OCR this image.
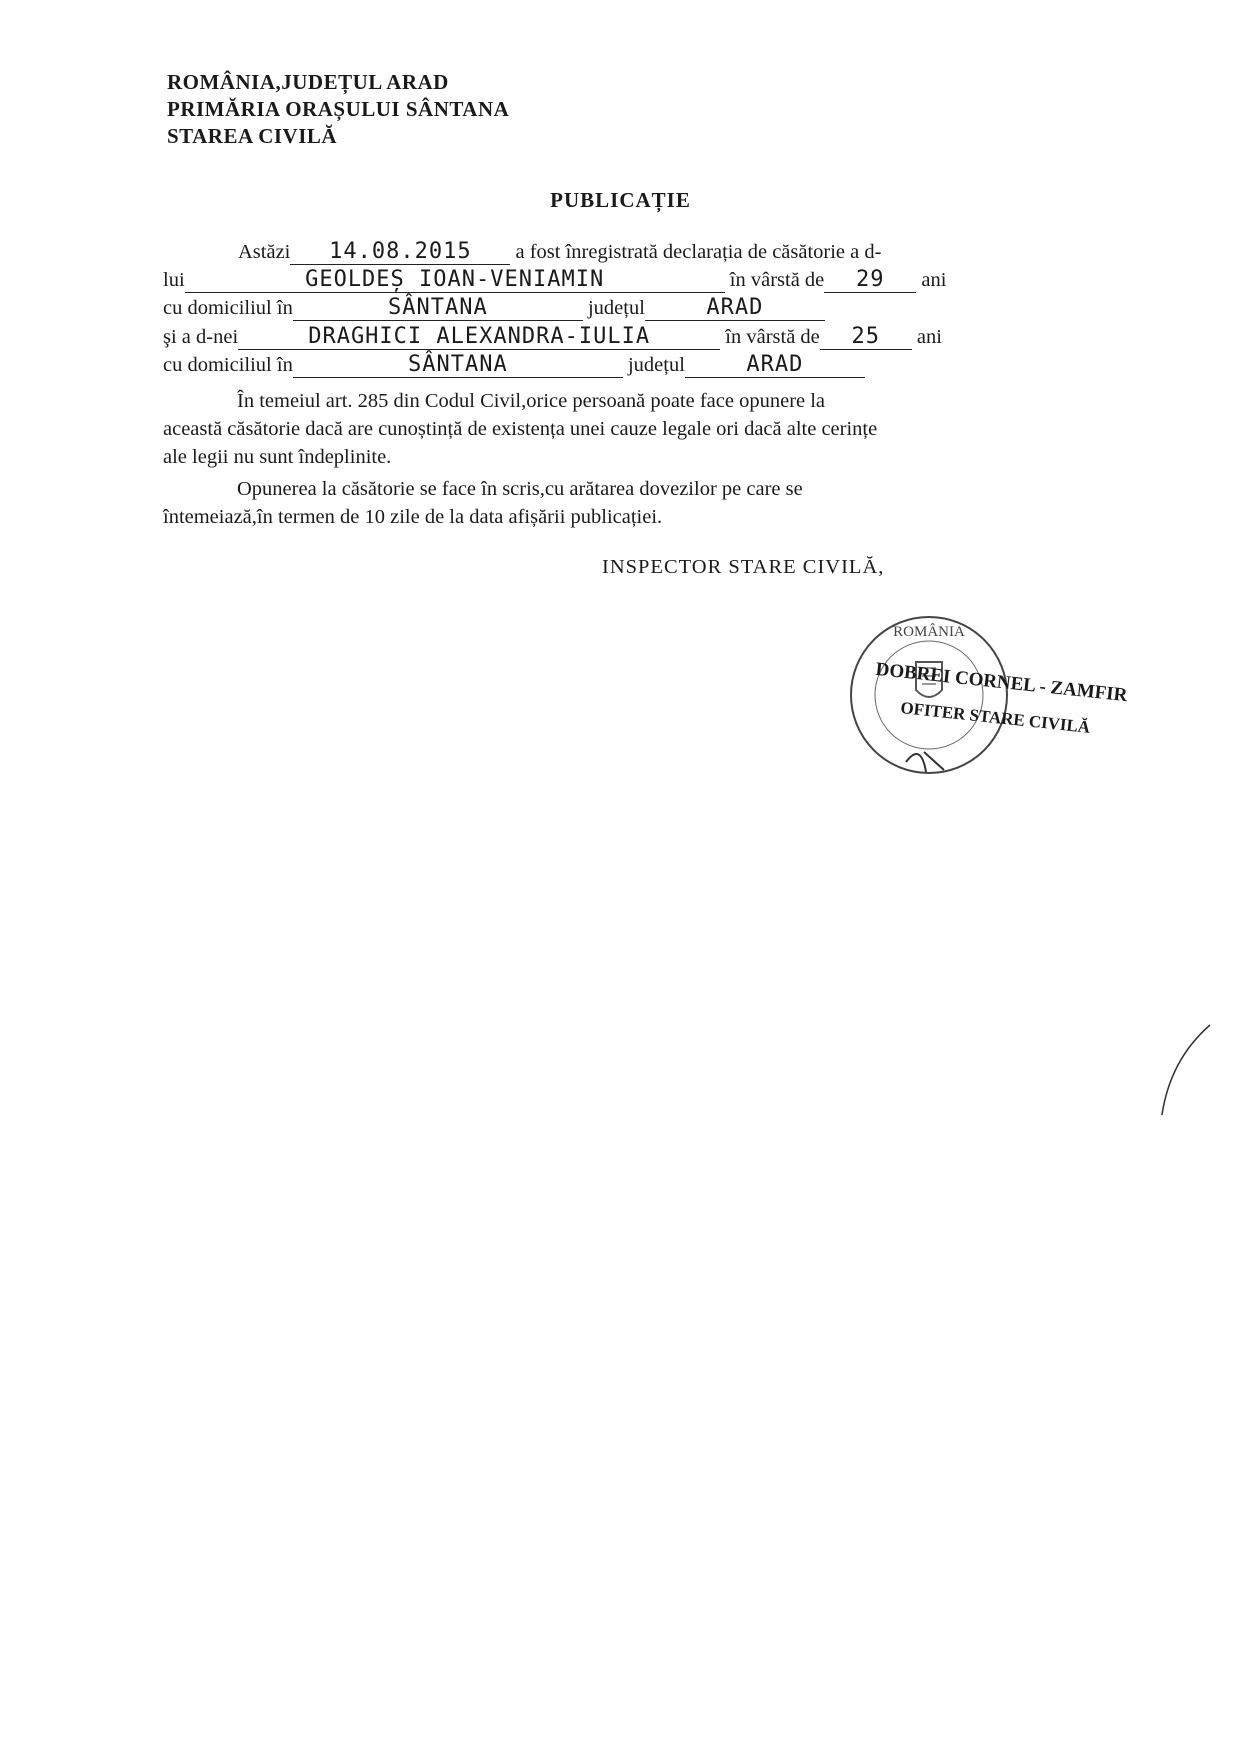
ROMÂNIA,JUDEȚUL ARAD
PRIMĂRIA ORAȘULUI SÂNTANA
STAREA CIVILĂ
PUBLICAȚIE
Astăzi 14.08.2015 a fost înregistrată declarația de căsătorie a d-
lui	GEOLDEȘ IOAN-VENIAMIN	în vârstă de 29 ani
cu domiciliul în	SÂNTANA	județul	ARAD
şi a d-nei	DRAGHICI ALEXANDRA-IULIA	în vârstă de 25 ani
cu domiciliul în	SÂNTANA	județul	ARAD
În temeiul art. 285 din Codul Civil,orice persoană poate face opunere la
această căsătorie dacă are cunoștință de existența unei cauze legale ori dacă alte cerințe
ale legii nu sunt îndeplinite.
Opunerea la căsătorie se face în scris,cu arătarea dovezilor pe care se
întemeiază,în termen de 10 zile de la data afișării publicației.
INSPECTOR STARE CIVILĂ,
ROMÂNIA
DOBREI CORNEL - ZAMFIR
OFITER STARE CIVILĂ
